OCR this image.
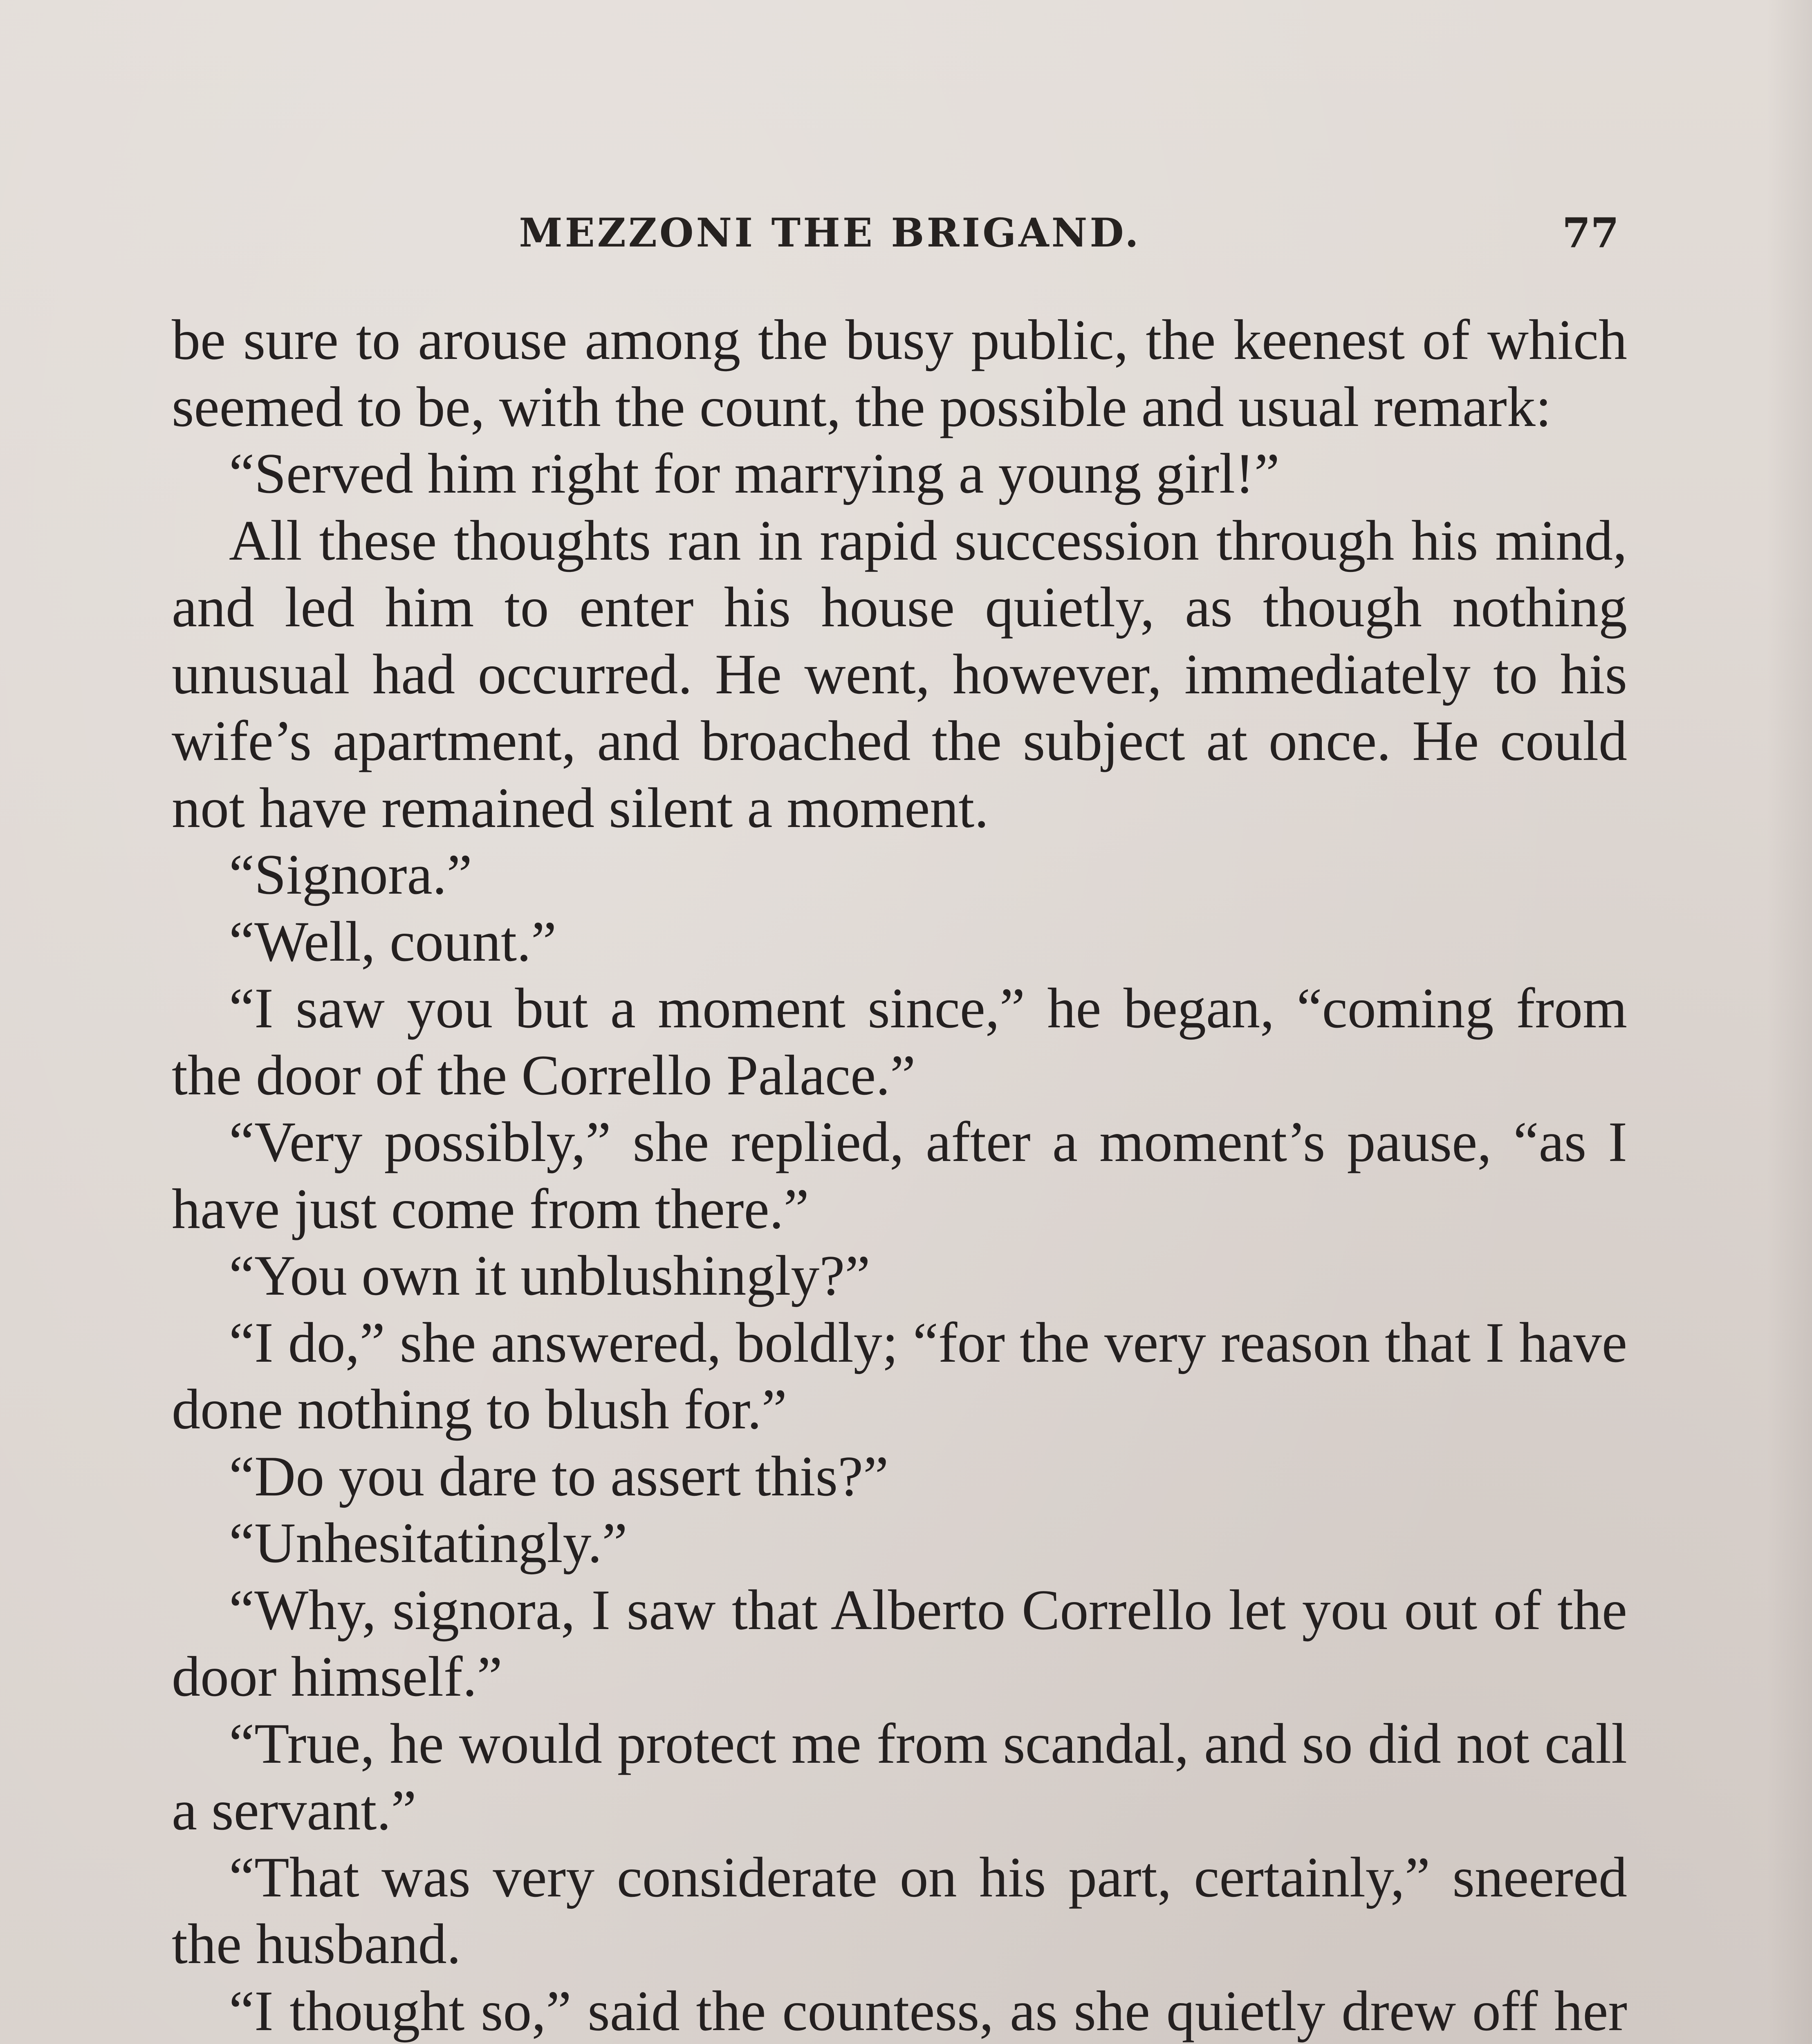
MEZZONI THE BRIGAND.	77

be sure to arouse among the busy public, the keenest of which seemed to be, with the count, the possible and usual remark:

“Served him right for marrying a young girl!”

All these thoughts ran in rapid succession through his mind, and led him to enter his house quietly, as though nothing unusual had occurred. He went, however, immediately to his wife’s apartment, and broached the subject at once. He could not have remained silent a moment.

“Signora.”

“Well, count.”

“I saw you but a moment since,” he began, “coming from the door of the Corrello Palace.”

“Very possibly,” she replied, after a moment’s pause, “as I have just come from there.”

“You own it unblushingly?”

“I do,” she answered, boldly; “for the very reason that I have done nothing to blush for.”

“Do you dare to assert this?”

“Unhesitatingly.”

“Why, signora, I saw that Alberto Corrello let you out of the door himself.”

“True, he would protect me from scandal, and so did not call a servant.”

“That was very considerate on his part, certainly,” sneered the husband.

“I thought so,” said the countess, as she quietly drew off her
